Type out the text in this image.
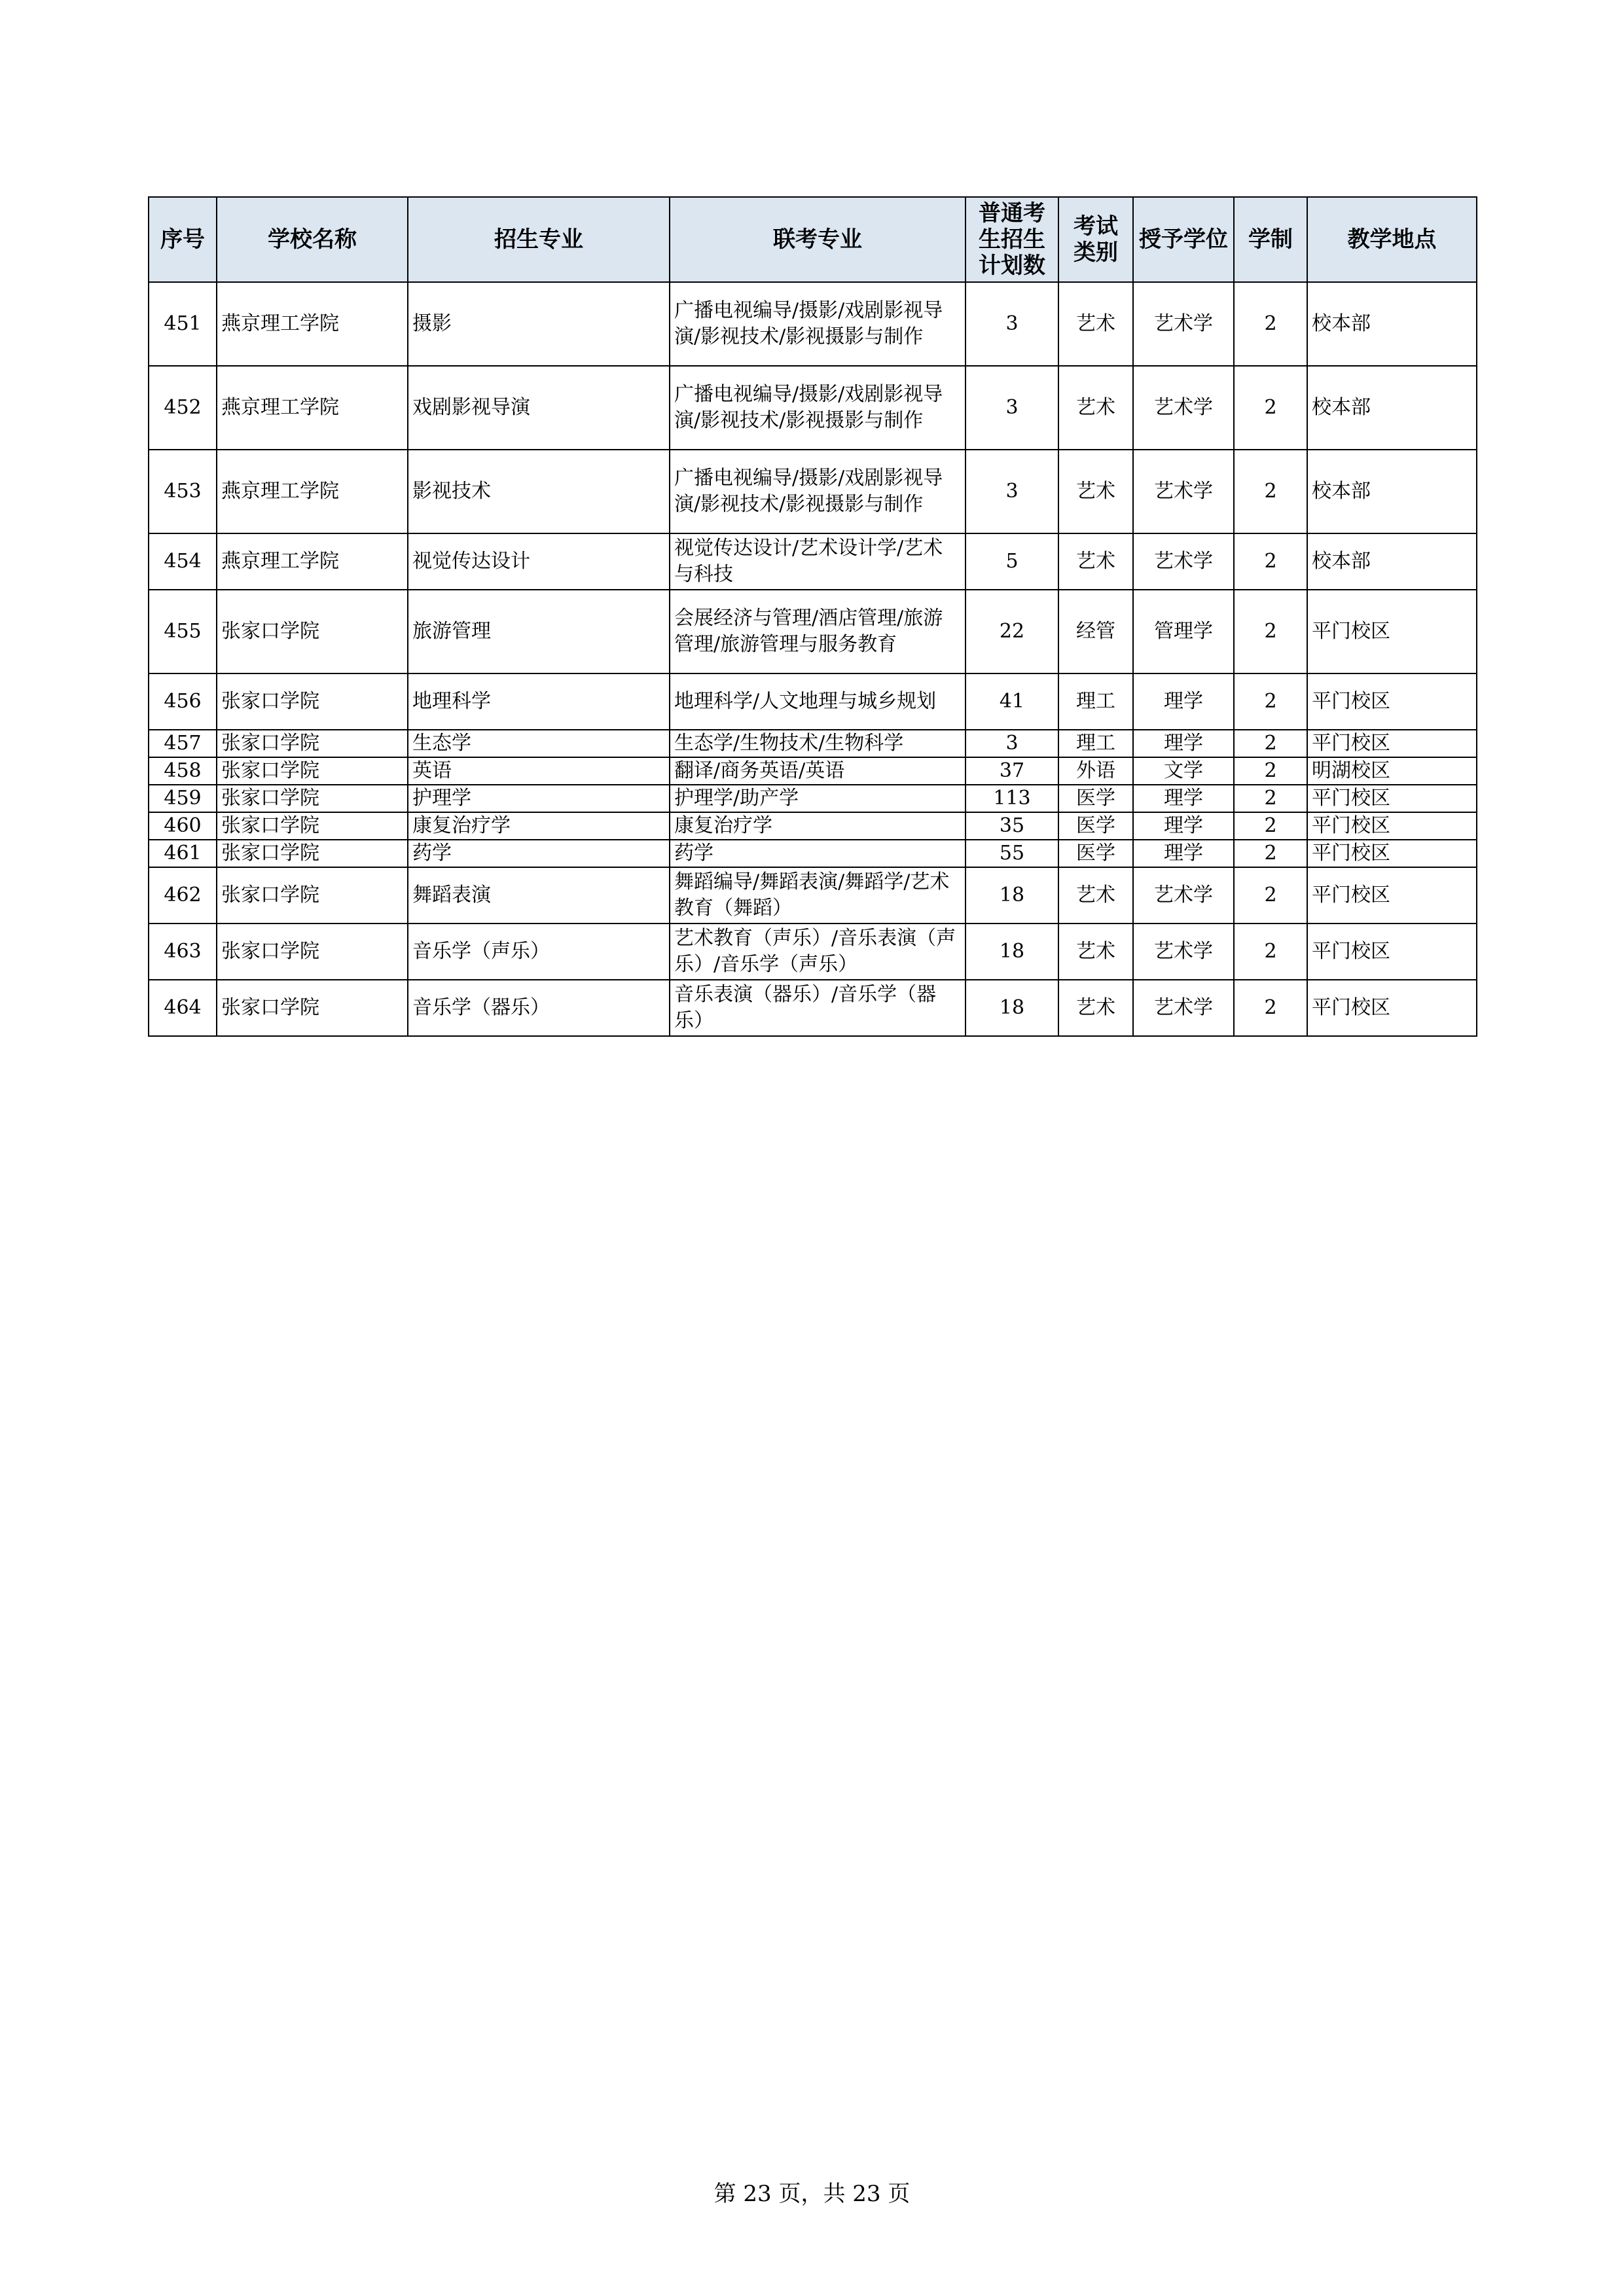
序号	学校名称	招生专业	联考专业	普通考生招生计划数	考试类别	授予学位	学制	教学地点
451	燕京理工学院	摄影	广播电视编导/摄影/戏剧影视导演/影视技术/影视摄影与制作	3	艺术	艺术学	2	校本部
452	燕京理工学院	戏剧影视导演	广播电视编导/摄影/戏剧影视导演/影视技术/影视摄影与制作	3	艺术	艺术学	2	校本部
453	燕京理工学院	影视技术	广播电视编导/摄影/戏剧影视导演/影视技术/影视摄影与制作	3	艺术	艺术学	2	校本部
454	燕京理工学院	视觉传达设计	视觉传达设计/艺术设计学/艺术与科技	5	艺术	艺术学	2	校本部
455	张家口学院	旅游管理	会展经济与管理/酒店管理/旅游管理/旅游管理与服务教育	22	经管	管理学	2	平门校区
456	张家口学院	地理科学	地理科学/人文地理与城乡规划	41	理工	理学	2	平门校区
457	张家口学院	生态学	生态学/生物技术/生物科学	3	理工	理学	2	平门校区
458	张家口学院	英语	翻译/商务英语/英语	37	外语	文学	2	明湖校区
459	张家口学院	护理学	护理学/助产学	113	医学	理学	2	平门校区
460	张家口学院	康复治疗学	康复治疗学	35	医学	理学	2	平门校区
461	张家口学院	药学	药学	55	医学	理学	2	平门校区
462	张家口学院	舞蹈表演	舞蹈编导/舞蹈表演/舞蹈学/艺术教育（舞蹈）	18	艺术	艺术学	2	平门校区
463	张家口学院	音乐学（声乐）	艺术教育（声乐）/音乐表演（声乐）/音乐学（声乐）	18	艺术	艺术学	2	平门校区
464	张家口学院	音乐学（器乐）	音乐表演（器乐）/音乐学（器乐）	18	艺术	艺术学	2	平门校区
第 23 页，共 23 页
